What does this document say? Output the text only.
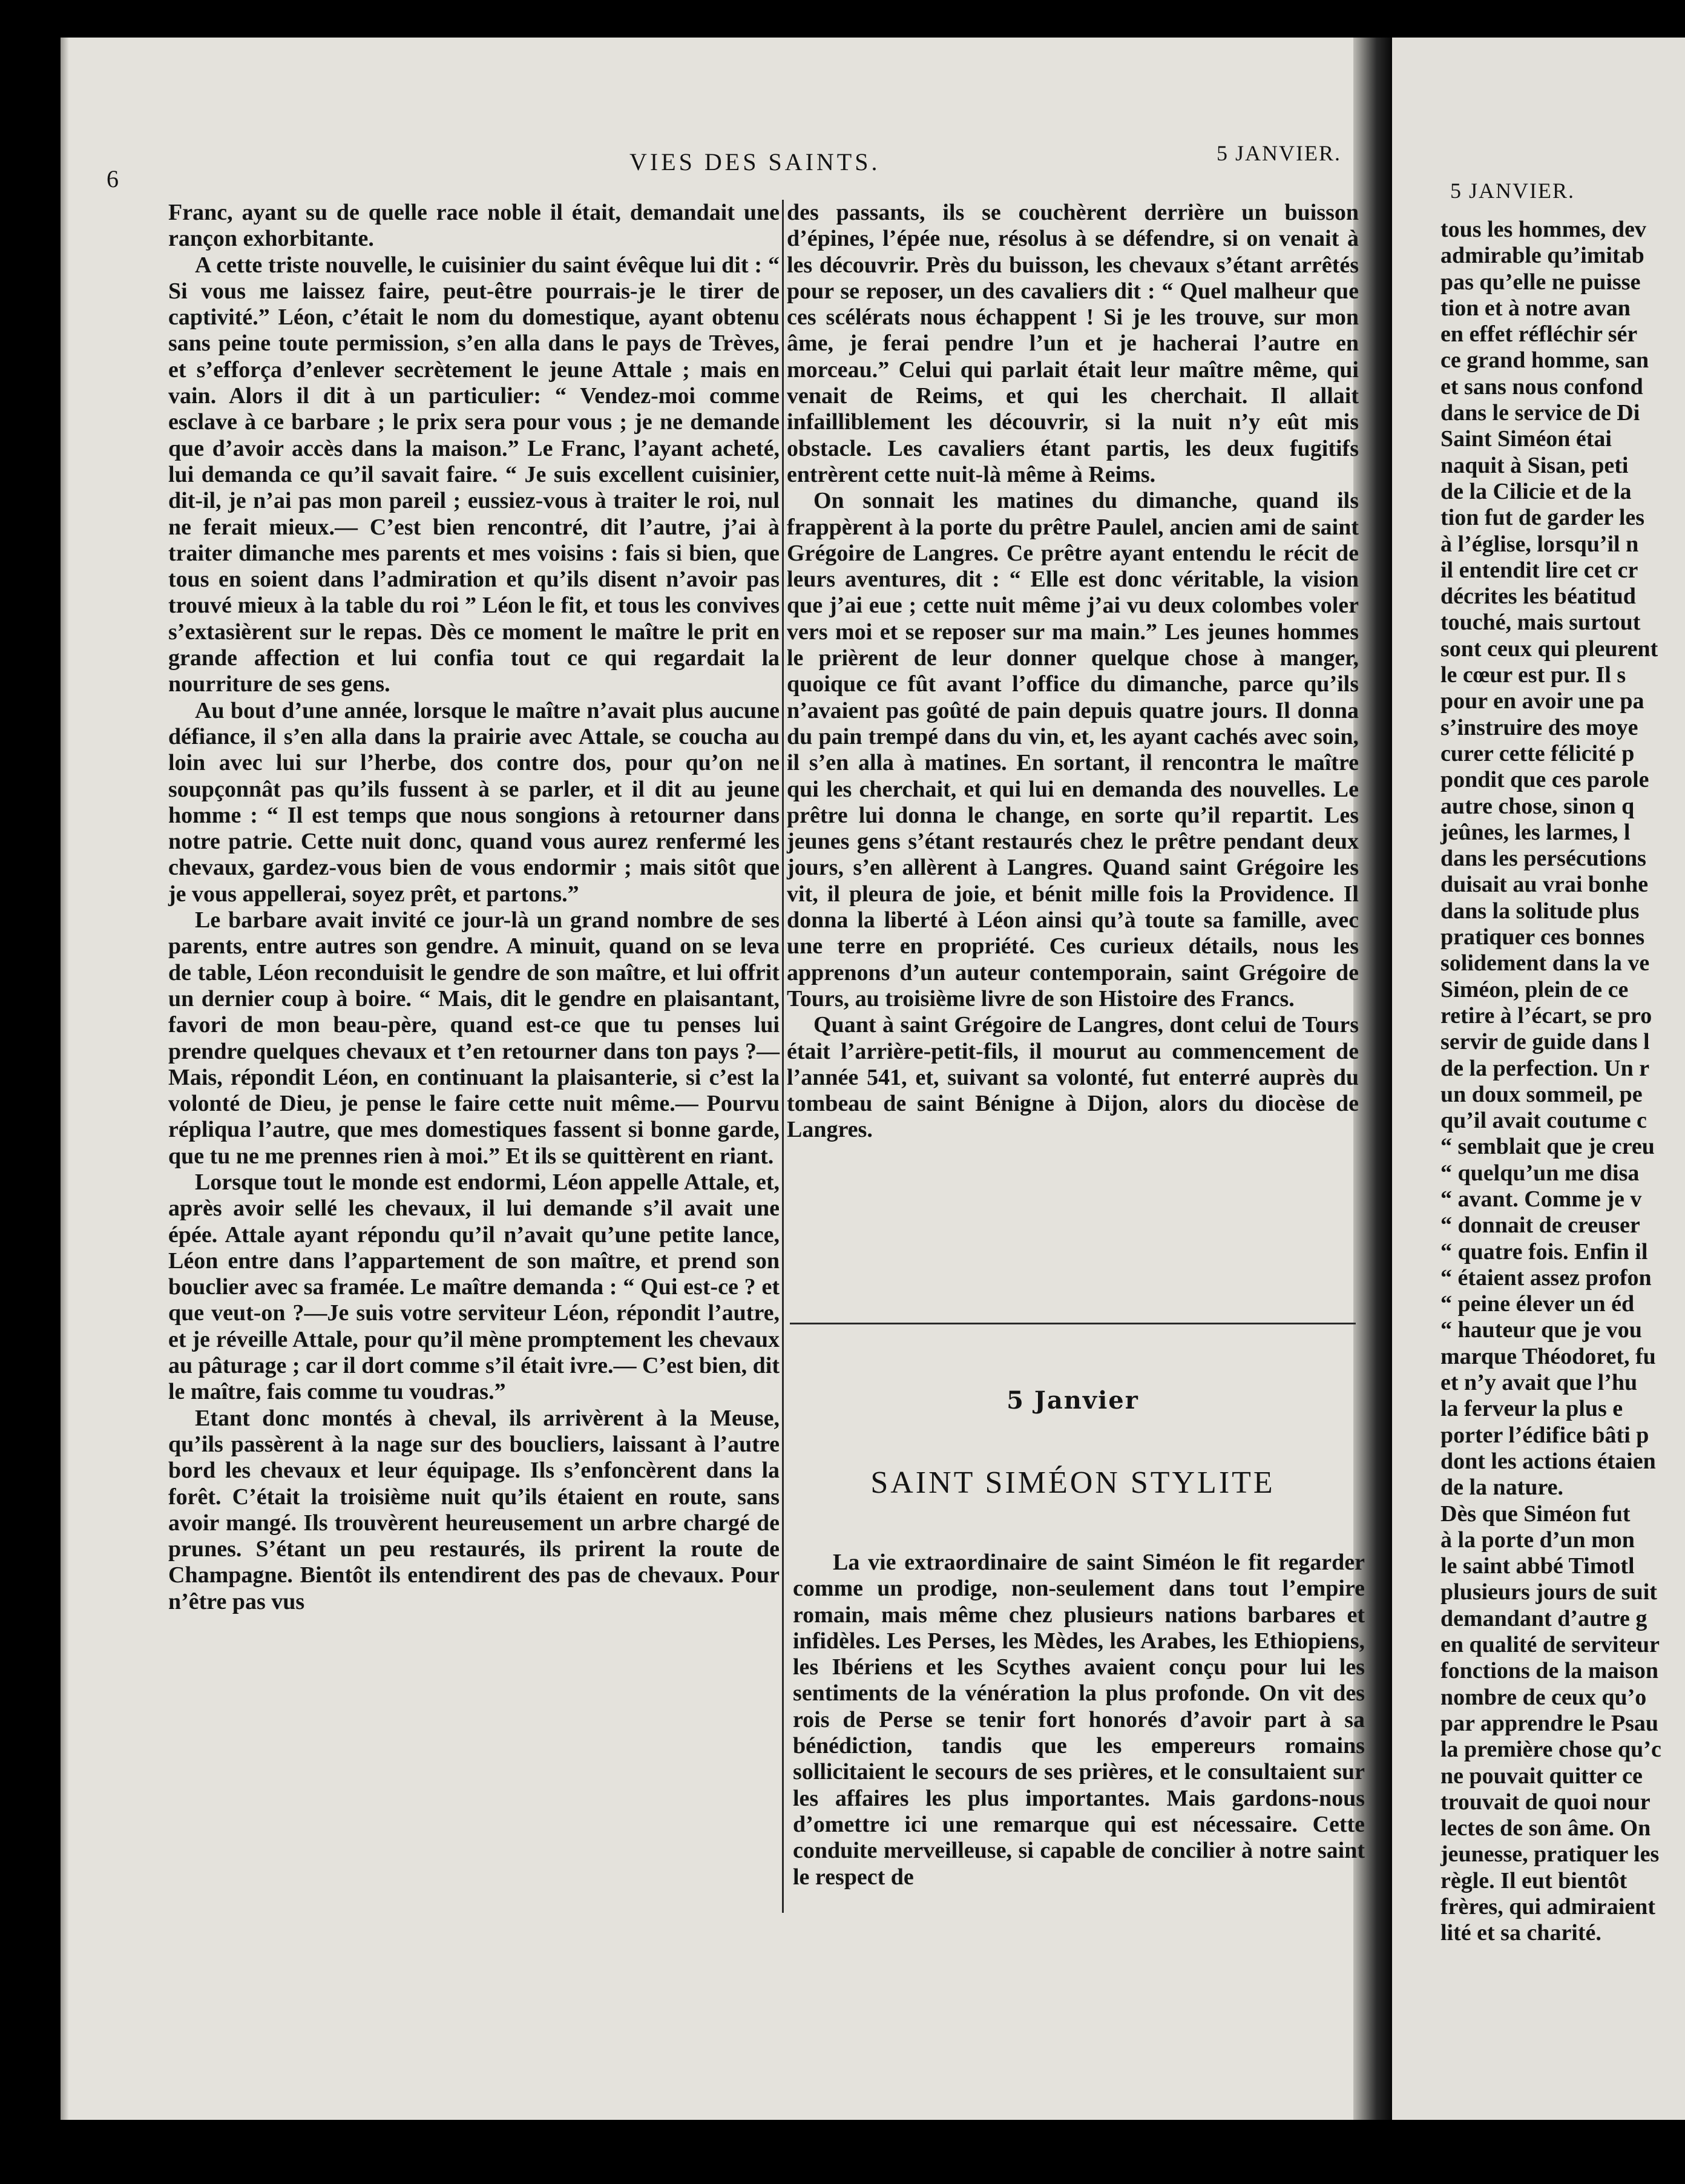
5 JANVIER.
tous les hommes, dev
admirable qu’imitab
pas qu’elle ne puisse
tion et à notre avan
en effet réfléchir sér
ce grand homme, san
et sans nous confond
dans le service de Di
Saint Siméon étai
naquit à Sisan, peti
de la Cilicie et de la
tion fut de garder les
à l’église, lorsqu’il n
il entendit lire cet cr
décrites les béatitud
touché, mais surtout
sont ceux qui pleurent
le cœur est pur. Il s
pour en avoir une pa
s’instruire des moye
curer cette félicité p
pondit que ces parole
autre chose, sinon q
jeûnes, les larmes, l
dans les persécutions
duisait au vrai bonhe
dans la solitude plus
pratiquer ces bonnes
solidement dans la ve
Siméon, plein de ce
retire à l’écart, se pro
servir de guide dans l
de la perfection. Un r
un doux sommeil, pe
qu’il avait coutume c
“ semblait que je creu
“ quelqu’un me disa
“ avant. Comme je v
“ donnait de creuser
“ quatre fois. Enfin il
“ étaient assez profon
“ peine élever un éd
“ hauteur que je vou
marque Théodoret, fu
et n’y avait que l’hu
la ferveur la plus e
porter l’édifice bâti p
dont les actions étaien
de la nature.
Dès que Siméon fut
à la porte d’un mon
le saint abbé Timotl
plusieurs jours de suit
demandant d’autre g
en qualité de serviteur
fonctions de la maison
nombre de ceux qu’o
par apprendre le Psau
la première chose qu’c
ne pouvait quitter ce
trouvait de quoi nour
lectes de son âme. On
jeunesse, pratiquer les
règle. Il eut bientôt
frères, qui admiraient
lité et sa charité.
6
VIES DES SAINTS.	5 JANVIER.

Franc, ayant su de quelle race noble il était, demandait une rançon exhorbitante.

A cette triste nouvelle, le cuisinier du saint évêque lui dit : “ Si vous me laissez faire, peut-être pourrais-je le tirer de captivité.” Léon, c’était le nom du domestique, ayant obtenu sans peine toute permission, s’en alla dans le pays de Trèves, et s’efforça d’enlever secrètement le jeune Attale ; mais en vain. Alors il dit à un particulier: “ Vendez-moi comme esclave à ce barbare ; le prix sera pour vous ; je ne demande que d’avoir accès dans la maison.” Le Franc, l’ayant acheté, lui demanda ce qu’il savait faire. “ Je suis excellent cuisinier, dit-il, je n’ai pas mon pareil ; eussiez-vous à traiter le roi, nul ne ferait mieux.— C’est bien rencontré, dit l’autre, j’ai à traiter dimanche mes parents et mes voisins : fais si bien, que tous en soient dans l’admiration et qu’ils disent n’avoir pas trouvé mieux à la table du roi ” Léon le fit, et tous les convives s’extasièrent sur le repas. Dès ce moment le maître le prit en grande affection et lui confia tout ce qui regardait la nourriture de ses gens.

Au bout d’une année, lorsque le maître n’avait plus aucune défiance, il s’en alla dans la prairie avec Attale, se coucha au loin avec lui sur l’herbe, dos contre dos, pour qu’on ne soupçonnât pas qu’ils fussent à se parler, et il dit au jeune homme : “ Il est temps que nous songions à retourner dans notre patrie. Cette nuit donc, quand vous aurez renfermé les chevaux, gardez-vous bien de vous endormir ; mais sitôt que je vous appellerai, soyez prêt, et partons.”

Le barbare avait invité ce jour-là un grand nombre de ses parents, entre autres son gendre. A minuit, quand on se leva de table, Léon reconduisit le gendre de son maître, et lui offrit un dernier coup à boire. “ Mais, dit le gendre en plaisantant, favori de mon beau-père, quand est-ce que tu penses lui prendre quelques chevaux et t’en retourner dans ton pays ?—Mais, répondit Léon, en continuant la plaisanterie, si c’est la volonté de Dieu, je pense le faire cette nuit même.— Pourvu répliqua l’autre, que mes domestiques fassent si bonne garde, que tu ne me prennes rien à moi.” Et ils se quittèrent en riant.

Lorsque tout le monde est endormi, Léon appelle Attale, et, après avoir sellé les chevaux, il lui demande s’il avait une épée. Attale ayant répondu qu’il n’avait qu’une petite lance, Léon entre dans l’appartement de son maître, et prend son bouclier avec sa framée. Le maître demanda : “ Qui est-ce ? et que veut-on ?—Je suis votre serviteur Léon, répondit l’autre, et je réveille Attale, pour qu’il mène promptement les chevaux au pâturage ; car il dort comme s’il était ivre.— C’est bien, dit le maître, fais comme tu voudras.”

Etant donc montés à cheval, ils arrivèrent à la Meuse, qu’ils passèrent à la nage sur des boucliers, laissant à l’autre bord les chevaux et leur équipage. Ils s’enfoncèrent dans la forêt. C’était la troisième nuit qu’ils étaient en route, sans avoir mangé. Ils trouvèrent heureusement un arbre chargé de prunes. S’étant un peu restaurés, ils prirent la route de Champagne. Bientôt ils entendirent des pas de chevaux. Pour n’être pas vus

des passants, ils se couchèrent derrière un buisson d’épines, l’épée nue, résolus à se défendre, si on venait à les découvrir. Près du buisson, les chevaux s’étant arrêtés pour se reposer, un des cavaliers dit : “ Quel malheur que ces scélérats nous échappent ! Si je les trouve, sur mon âme, je ferai pendre l’un et je hacherai l’autre en morceau.” Celui qui parlait était leur maître même, qui venait de Reims, et qui les cherchait. Il allait infailliblement les découvrir, si la nuit n’y eût mis obstacle. Les cavaliers étant partis, les deux fugitifs entrèrent cette nuit-là même à Reims.

On sonnait les matines du dimanche, quand ils frappèrent à la porte du prêtre Paulel, ancien ami de saint Grégoire de Langres. Ce prêtre ayant entendu le récit de leurs aventures, dit : “ Elle est donc véritable, la vision que j’ai eue ; cette nuit même j’ai vu deux colombes voler vers moi et se reposer sur ma main.” Les jeunes hommes le prièrent de leur donner quelque chose à manger, quoique ce fût avant l’office du dimanche, parce qu’ils n’avaient pas goûté de pain depuis quatre jours. Il donna du pain trempé dans du vin, et, les ayant cachés avec soin, il s’en alla à matines. En sortant, il rencontra le maître qui les cherchait, et qui lui en demanda des nouvelles. Le prêtre lui donna le change, en sorte qu’il repartit. Les jeunes gens s’étant restaurés chez le prêtre pendant deux jours, s’en allèrent à Langres. Quand saint Grégoire les vit, il pleura de joie, et bénit mille fois la Providence. Il donna la liberté à Léon ainsi qu’à toute sa famille, avec une terre en propriété. Ces curieux détails, nous les apprenons d’un auteur contemporain, saint Grégoire de Tours, au troisième livre de son Histoire des Francs.

Quant à saint Grégoire de Langres, dont celui de Tours était l’arrière-petit-fils, il mourut au commencement de l’année 541, et, suivant sa volonté, fut enterré auprès du tombeau de saint Bénigne à Dijon, alors du diocèse de Langres.

5 Janvier
SAINT SIMÉON STYLITE

La vie extraordinaire de saint Siméon le fit regarder comme un prodige, non-seulement dans tout l’empire romain, mais même chez plusieurs nations barbares et infidèles. Les Perses, les Mèdes, les Arabes, les Ethiopiens, les Ibériens et les Scythes avaient conçu pour lui les sentiments de la vénération la plus profonde. On vit des rois de Perse se tenir fort honorés d’avoir part à sa bénédiction, tandis que les empereurs romains sollicitaient le secours de ses prières, et le consultaient sur les affaires les plus importantes. Mais gardons-nous d’omettre ici une remarque qui est nécessaire. Cette conduite merveilleuse, si capable de concilier à notre saint le respect de
